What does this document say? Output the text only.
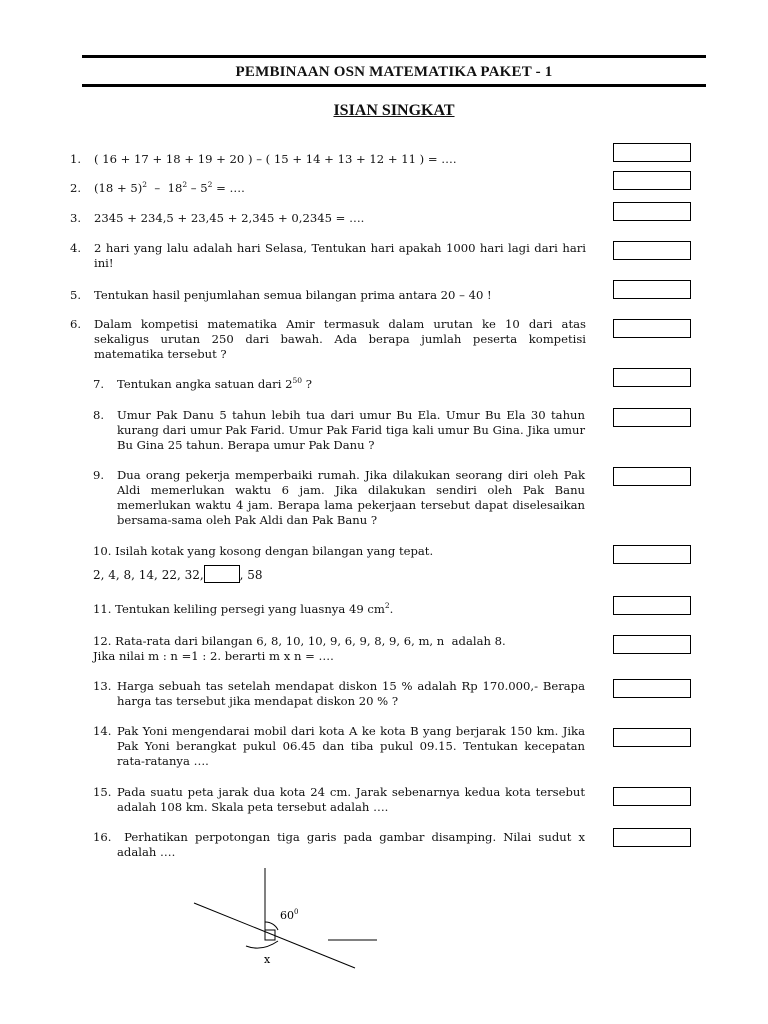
PEMBINAAN OSN MATEMATIKA PAKET - 1
ISIAN SINGKAT
1. ( 16 + 17 + 18 + 19 + 20 ) – ( 15 + 14 + 13 + 12 + 11 ) = ….
2. $(18 + 5)^2 - 18^2 - 5^2$ = ….
3. 2345 + 234,5 + 23,45 + 2,345 + 0,2345 = ….
4. 2 hari yang lalu adalah hari Selasa, Tentukan hari apakah 1000 hari lagi dari hari ini!
5. Tentukan hasil penjumlahan semua bilangan prima antara 20 – 40 !
6. Dalam kompetisi matematika Amir termasuk dalam urutan ke 10 dari atas sekaligus urutan 250 dari bawah. Ada berapa jumlah peserta kompetisi matematika tersebut ?
7. Tentukan angka satuan dari $2^{50}$ ?
8. Umur Pak Danu 5 tahun lebih tua dari umur Bu Ela. Umur Bu Ela 30 tahun kurang dari umur Pak Farid. Umur Pak Farid tiga kali umur Bu Gina. Jika umur Bu Gina 25 tahun. Berapa umur Pak Danu ?
9. Dua orang pekerja memperbaiki rumah. Jika dilakukan seorang diri oleh Pak Aldi memerlukan waktu 6 jam. Jika dilakukan sendiri oleh Pak Banu memerlukan waktu 4 jam. Berapa lama pekerjaan tersebut dapat diselesaikan bersama-sama oleh Pak Aldi dan Pak Banu ?
10. Isilah kotak yang kosong dengan bilangan yang tepat.
2, 4, 8, 14, 22, 32,	, 58
11. Tentukan keliling persegi yang luasnya 49 $cm^2$.
12. Rata-rata dari bilangan 6, 8, 10, 10, 9, 6, 9, 8, 9, 6, m, n  adalah 8.
Jika nilai m : n =1 : 2. berarti m x n = ….
13. Harga sebuah tas setelah mendapat diskon 15 % adalah Rp 170.000,- Berapa harga tas tersebut jika mendapat diskon 20 % ?
14. Pak Yoni mengendarai mobil dari kota A ke kota B yang berjarak 150 km. Jika Pak Yoni berangkat pukul 06.45 dan tiba pukul 09.15. Tentukan kecepatan rata-ratanya ….
15. Pada suatu peta jarak dua kota 24 cm. Jarak sebenarnya kedua kota tersebut adalah 108 km. Skala peta tersebut adalah ….
16. Perhatikan perpotongan tiga garis pada gambar disamping. Nilai sudut x adalah ….
$60^0$
x
